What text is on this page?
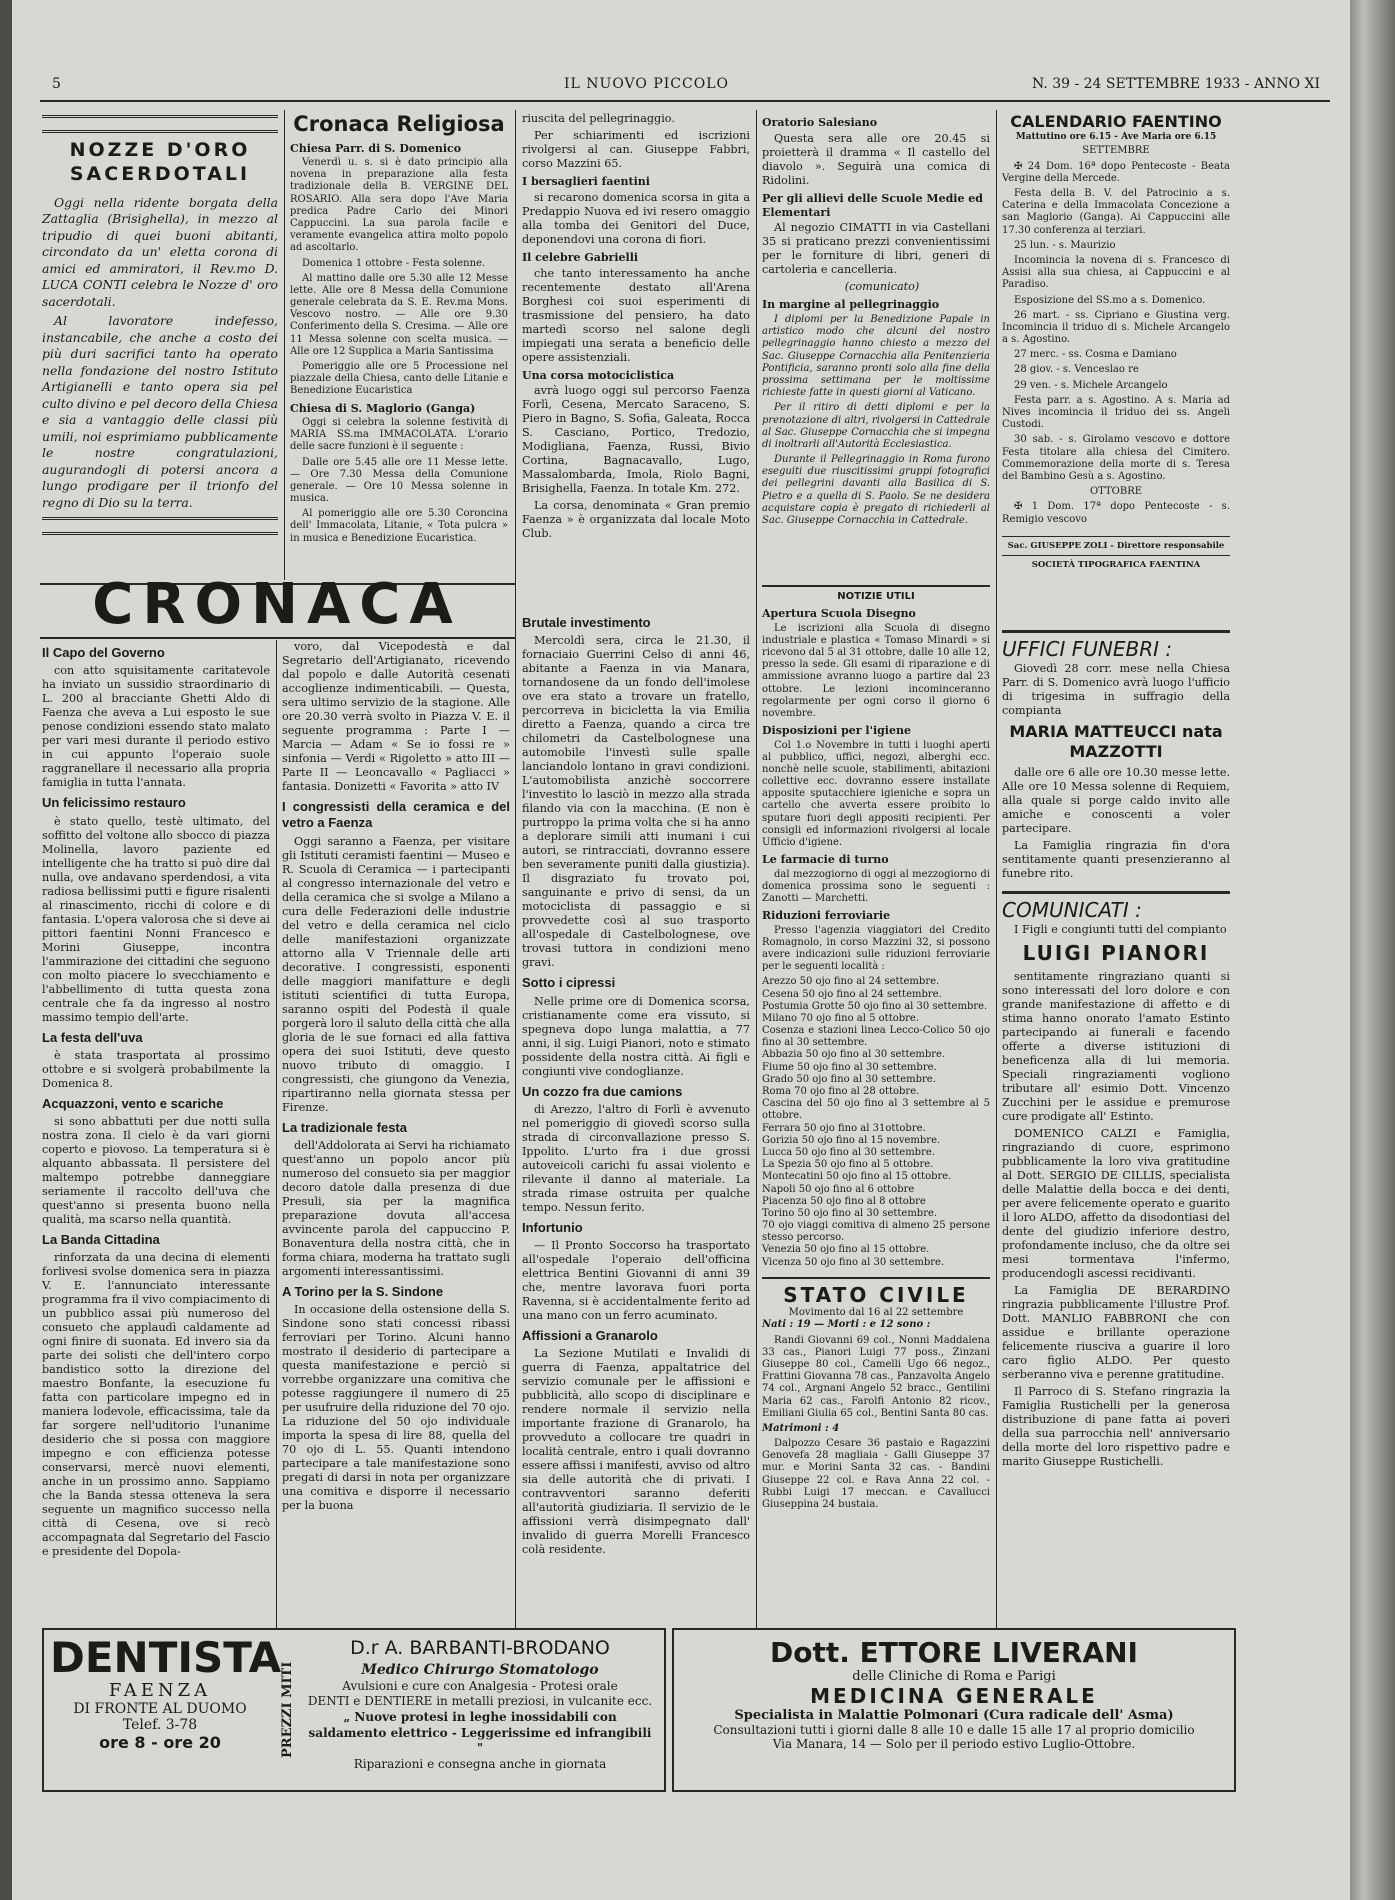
5	IL NUOVO PICCOLO	N. 39 - 24 SETTEMBRE 1933 - ANNO XI
NOZZE D'ORO
SACERDOTALI

Oggi nella ridente borgata della Zattaglia (Brisighella), in mezzo al tripudio di quei buoni abitanti, circondato da un' eletta corona di amici ed ammiratori, il Rev.mo D. LUCA CONTI celebra le Nozze d' oro sacerdotali.

Al lavoratore indefesso, instancabile, che anche a costo dei più duri sacrifici tanto ha operato nella fondazione del nostro Istituto Artigianelli e tanto opera sia pel culto divino e pel decoro della Chiesa e sia a vantaggio delle classi più umili, noi esprimiamo pubblicamente le nostre congratulazioni, augurandogli di potersi ancora a lungo prodigare per il trionfo del regno di Dio su la terra.

Cronaca Religiosa
Chiesa Parr. di S. Domenico

Venerdì u. s. si è dato principio alla novena in preparazione alla festa tradizionale della B. VERGINE DEL ROSARIO. Alla sera dopo l'Ave Maria predica Padre Carlo dei Minori Cappuccini. La sua parola facile e veramente evangelica attira molto popolo ad ascoltarlo.

Domenica 1 ottobre - Festa solenne.

Al mattino dalle ore 5.30 alle 12 Messe lette. Alle ore 8 Messa della Comunione generale celebrata da S. E. Rev.ma Mons. Vescovo nostro. — Alle ore 9.30 Conferimento della S. Cresima. — Alle ore 11 Messa solenne con scelta musica. — Alle ore 12 Supplica a Maria Santissima

Pomeriggio alle ore 5 Processione nel piazzale della Chiesa, canto delle Litanie e Benedizione Eucaristica

Chiesa di S. Maglorio (Ganga)

Oggi si celebra la solenne festività di MARIA SS.ma IMMACOLATA. L'orario delle sacre funzioni è il seguente :

Dalle ore 5.45 alle ore 11 Messe lette. — Ore 7.30 Messa della Comunione generale. — Ore 10 Messa solenne in musica.

Al pomeriggio alle ore 5.30 Coroncina dell' Immacolata, Litanie, « Tota pulcra » in musica e Benedizione Eucaristica.

riuscita del pellegrinaggio.

Per schiarimenti ed iscrizioni rivolgersi al can. Giuseppe Fabbri, corso Mazzini 65.

I bersaglieri faentini

si recarono domenica scorsa in gita a Predappio Nuova ed ivi resero omaggio alla tomba dei Genitori del Duce, deponendovi una corona di fiori.

Il celebre Gabrielli

che tanto interessamento ha anche recentemente destato all'Arena Borghesi coi suoi esperimenti di trasmissione del pensiero, ha dato martedì scorso nel salone degli impiegati una serata a beneficio delle opere assistenziali.

Una corsa motociclistica

avrà luogo oggi sul percorso Faenza Forlì, Cesena, Mercato Saraceno, S. Piero in Bagno, S. Sofia, Galeata, Rocca S. Casciano, Portico, Tredozio, Modigliana, Faenza, Russi, Bivio Cortina, Bagnacavallo, Lugo, Massalombarda, Imola, Riolo Bagni, Brisighella, Faenza. In totale Km. 272.

La corsa, denominata « Gran premio Faenza » è organizzata dal locale Moto Club.

Oratorio Salesiano

Questa sera alle ore 20.45 si proietterà il dramma « Il castello del diavolo ». Seguirà una comica di Ridolini.

Per gli allievi delle Scuole Medie ed Elementari

Al negozio CIMATTI in via Castellani 35 si praticano prezzi convenientissimi per le forniture di libri, generi di cartoleria e cancelleria.

(comunicato)

In margine al pellegrinaggio

I diplomi per la Benedizione Papale in artistico modo che alcuni del nostro pellegrinaggio hanno chiesto a mezzo del Sac. Giuseppe Cornacchia alla Penitenzieria Pontificia, saranno pronti solo alla fine della prossima settimana per le moltissime richieste fatte in questi giorni al Vaticano.

Per il ritiro di detti diplomi e per la prenotazione di altri, rivolgersi in Cattedrale al Sac. Giuseppe Cornacchia che si impegna di inoltrarli all'Autorità Ecclesiastica.

Durante il Pellegrinaggio in Roma furono eseguiti due riuscitissimi gruppi fotografici dei pellegrini davanti alla Basilica di S. Pietro e a quella di S. Paolo. Se ne desidera acquistare copia è pregato di richiederli al Sac. Giuseppe Cornacchia in Cattedrale.

CALENDARIO FAENTINO
Mattutino ore 6.15 - Ave Maria ore 6.15
SETTEMBRE

✠ 24 Dom. 16ª dopo Pentecoste - Beata Vergine della Mercede.

Festa della B. V. del Patrocinio a s. Caterina e della Immacolata Concezione a san Maglorio (Ganga). Ai Cappuccini alle 17.30 conferenza ai terziari.

25 lun. - s. Maurizio

Incomincia la novena di s. Francesco di Assisi alla sua chiesa, ai Cappuccini e al Paradiso.

Esposizione del SS.mo a s. Domenico.

26 mart. - ss. Cipriano e Giustina verg. Incomincia il triduo di s. Michele Arcangelo a s. Agostino.

27 merc. - ss. Cosma e Damiano

28 giov. - s. Venceslao re

29 ven. - s. Michele Arcangelo

Festa parr. a s. Agostino. A s. Maria ad Nives incomincia il triduo dei ss. Angeli Custodi.

30 sab. - s. Girolamo vescovo e dottore Festa titolare alla chiesa del Cimitero. Commemorazione della morte di s. Teresa del Bambino Gesù a s. Agostino.

OTTOBRE

✠ 1 Dom. 17ª dopo Pentecoste - s. Remigio vescovo

Sac. GIUSEPPE ZOLI - Direttore responsabile
SOCIETÀ TIPOGRAFICA FAENTINA
CRONACA
Il Capo del Governo

con atto squisitamente caritatevole ha inviato un sussidio straordinario di L. 200 al bracciante Ghetti Aldo di Faenza che aveva a Lui esposto le sue penose condizioni essendo stato malato per vari mesi durante il periodo estivo in cui appunto l'operaio suole raggranellare il necessario alla propria famiglia in tutta l'annata.

Un felicissimo restauro

è stato quello, testè ultimato, del soffitto del voltone allo sbocco di piazza Molinella, lavoro paziente ed intelligente che ha tratto si può dire dal nulla, ove andavano sperdendosi, a vita radiosa bellissimi putti e figure risalenti al rinascimento, ricchi di colore e di fantasia. L'opera valorosa che si deve ai pittori faentini Nonni Francesco e Morini Giuseppe, incontra l'ammirazione dei cittadini che seguono con molto piacere lo svecchiamento e l'abbellimento di tutta questa zona centrale che fa da ingresso al nostro massimo tempio dell'arte.

La festa dell'uva

è stata trasportata al prossimo ottobre e si svolgerà probabilmente la Domenica 8.

Acquazzoni, vento e scariche

si sono abbattuti per due notti sulla nostra zona. Il cielo è da vari giorni coperto e piovoso. La temperatura si è alquanto abbassata. Il persistere del maltempo potrebbe danneggiare seriamente il raccolto dell'uva che quest'anno si presenta buono nella qualità, ma scarso nella quantità.

La Banda Cittadina

rinforzata da una decina di elementi forlivesi svolse domenica sera in piazza V. E. l'annunciato interessante programma fra il vivo compiacimento di un pubblico assai più numeroso del consueto che applaudì caldamente ad ogni finire di suonata. Ed invero sia da parte dei solisti che dell'intero corpo bandistico sotto la direzione del maestro Bonfante, la esecuzione fu fatta con particolare impegno ed in maniera lodevole, efficacissima, tale da far sorgere nell'uditorio l'unanime desiderio che si possa con maggiore impegno e con efficienza potesse conservarsi, mercè nuovi elementi, anche in un prossimo anno. Sappiamo che la Banda stessa otteneva la sera seguente un magnifico successo nella città di Cesena, ove si recò accompagnata dal Segretario del Fascio e presidente del Dopola-

voro, dal Vicepodestà e dal Segretario dell'Artigianato, ricevendo dal popolo e dalle Autorità cesenati accoglienze indimenticabili. — Questa, sera ultimo servizio de la stagione. Alle ore 20.30 verrà svolto in Piazza V. E. il seguente programma : Parte I — Marcia — Adam « Se io fossi re » sinfonia — Verdi « Rigoletto » atto III — Parte II — Leoncavallo « Pagliacci » fantasia. Donizetti « Favorita » atto IV

I congressisti della ceramica e del vetro a Faenza

Oggi saranno a Faenza, per visitare gli Istituti ceramisti faentini — Museo e R. Scuola di Ceramica — i partecipanti al congresso internazionale del vetro e della ceramica che si svolge a Milano a cura delle Federazioni delle industrie del vetro e della ceramica nel ciclo delle manifestazioni organizzate attorno alla V Triennale delle arti decorative. I congressisti, esponenti delle maggiori manifatture e degli istituti scientifici di tutta Europa, saranno ospiti del Podestà il quale porgerà loro il saluto della città che alla gloria de le sue fornaci ed alla fattiva opera dei suoi Istituti, deve questo nuovo tributo di omaggio. I congressisti, che giungono da Venezia, ripartiranno nella giornata stessa per Firenze.

La tradizionale festa

dell'Addolorata ai Servi ha richiamato quest'anno un popolo ancor più numeroso del consueto sia per maggior decoro datole dalla presenza di due Presuli, sia per la magnifica preparazione dovuta all'accesa avvincente parola del cappuccino P. Bonaventura della nostra città, che in forma chiara, moderna ha trattato sugli argomenti interessantissimi.

A Torino per la S. Sindone

In occasione della ostensione della S. Sindone sono stati concessi ribassi ferroviari per Torino. Alcuni hanno mostrato il desiderio di partecipare a questa manifestazione e perciò si vorrebbe organizzare una comitiva che potesse raggiungere il numero di 25 per usufruire della riduzione del 70 ojo. La riduzione del 50 ojo individuale importa la spesa di lire 88, quella del 70 ojo di L. 55. Quanti intendono partecipare a tale manifestazione sono pregati di darsi in nota per organizzare una comitiva e disporre il necessario per la buona

Brutale investimento

Mercoldì sera, circa le 21.30, il fornaciaio Guerrini Celso di anni 46, abitante a Faenza in via Manara, tornandosene da un fondo dell'imolese ove era stato a trovare un fratello, percorreva in bicicletta la via Emilia diretto a Faenza, quando a circa tre chilometri da Castelbolognese una automobile l'investì sulle spalle lanciandolo lontano in gravi condizioni. L'automobilista anzichè soccorrere l'investito lo lasciò in mezzo alla strada filando via con la macchina. (E non è purtroppo la prima volta che si ha anno a deplorare simili atti inumani i cui autori, se rintracciati, dovranno essere ben severamente puniti dalla giustizia). Il disgraziato fu trovato poi, sanguinante e privo di sensi, da un motociclista di passaggio e si provvedette così al suo trasporto all'ospedale di Castelbolognese, ove trovasi tuttora in condizioni meno gravi.

Sotto i cipressi

Nelle prime ore di Domenica scorsa, cristianamente come era vissuto, si spegneva dopo lunga malattia, a 77 anni, il sig. Luigi Pianori, noto e stimato possidente della nostra città. Ai figli e congiunti vive condoglianze.

Un cozzo fra due camions

di Arezzo, l'altro di Forlì è avvenuto nel pomeriggio di giovedì scorso sulla strada di circonvallazione presso S. Ippolito. L'urto fra i due grossi autoveicoli carichi fu assai violento e rilevante il danno al materiale. La strada rimase ostruita per qualche tempo. Nessun ferito.

Infortunio

— Il Pronto Soccorso ha trasportato all'ospedale l'operaio dell'officina elettrica Bentini Giovanni di anni 39 che, mentre lavorava fuori porta Ravenna, si è accidentalmente ferito ad una mano con un ferro acuminato.

Affissioni a Granarolo

La Sezione Mutilati e Invalidi di guerra di Faenza, appaltatrice del servizio comunale per le affissioni e pubblicità, allo scopo di disciplinare e rendere normale il servizio nella importante frazione di Granarolo, ha provveduto a collocare tre quadri in località centrale, entro i quali dovranno essere affissi i manifesti, avviso od altro sia delle autorità che di privati. I contravventori saranno deferiti all'autorità giudiziaria. Il servizio de le affissioni verrà disimpegnato dall' invalido di guerra Morelli Francesco colà residente.

NOTIZIE UTILI
Apertura Scuola Disegno

Le iscrizioni alla Scuola di disegno industriale e plastica « Tomaso Minardi » si ricevono dal 5 al 31 ottobre, dalle 10 alle 12, presso la sede. Gli esami di riparazione e di ammissione avranno luogo a partire dal 23 ottobre. Le lezioni incominceranno regolarmente per ogni corso il giorno 6 novembre.

Disposizioni per l'igiene

Col 1.o Novembre in tutti i luoghi aperti al pubblico, uffici, negozi, alberghi ecc. nonchè nelle scuole, stabilimenti, abitazioni collettive ecc. dovranno essere installate apposite sputacchiere igieniche e sopra un cartello che avverta essere proibito lo sputare fuori degli appositi recipienti. Per consigli ed informazioni rivolgersi al locale Ufficio d'igiene.

Le farmacie di turno

dal mezzogiorno di oggi al mezzogiorno di domenica prossima sono le seguenti : Zanotti — Marchetti.

Riduzioni ferroviarie

Presso l'agenzia viaggiatori del Credito Romagnolo, in corso Mazzini 32, si possono avere indicazioni sulle riduzioni ferroviarie per le seguenti località :

Arezzo 50 ojo fino al 24 settembre.

Cesena 50 ojo fino al 24 settembre.

Postumia Grotte 50 ojo fino al 30 settembre.

Milano 70 ojo fino al 5 ottobre.

Cosenza e stazioni linea Lecco-Colico 50 ojo fino al 30 settembre.

Abbazia 50 ojo fino al 30 settembre.

Fiume 50 ojo fino al 30 settembre.

Grado 50 ojo fino al 30 settembre.

Roma 70 ojo fino al 28 ottobre.

Cascina del 50 ojo fino al 3 settembre al 5 ottobre.

Ferrara 50 ojo fino al 31ottobre.

Gorizia 50 ojo fino al 15 novembre.

Lucca 50 ojo fino al 30 settembre.

La Spezia 50 ojo fino al 5 ottobre.

Montecatini 50 ojo fino al 15 ottobre.

Napoli 50 ojo fino al 6 ottobre

Piacenza 50 ojo fino al 8 ottobre

Torino 50 ojo fino al 30 settembre.

70 ojo viaggi comitiva di almeno 25 persone stesso percorso.

Venezia 50 ojo fino al 15 ottobre.

Vicenza 50 ojo fino al 30 settembre.

STATO CIVILE
Movimento dal 16 al 22 settembre

Nati : 19 — Morti : e 12 sono :

Randi Giovanni 69 col., Nonni Maddalena 33 cas., Pianori Luigi 77 poss., Zinzani Giuseppe 80 col., Camelli Ugo 66 negoz., Frattini Giovanna 78 cas., Panzavolta Angelo 74 col., Argnani Angelo 52 bracc., Gentilini Maria 62 cas., Farolfi Antonio 82 ricov., Emiliani Giulia 65 col., Bentini Santa 80 cas.

Matrimoni : 4

Dalpozzo Cesare 36 pastaio e Ragazzini Genovefa 28 magliaia - Galli Giuseppe 37 mur. e Morini Santa 32 cas. - Bandini Giuseppe 22 col. e Rava Anna 22 col. - Rubbi Luigi 17 meccan. e Cavallucci Giuseppina 24 bustaia.

UFFICI FUNEBRI :

Giovedì 28 corr. mese nella Chiesa Parr. di S. Domenico avrà luogo l'ufficio di trigesima in suffragio della compianta

MARIA MATTEUCCI nata MAZZOTTI

dalle ore 6 alle ore 10.30 messe lette. Alle ore 10 Messa solenne di Requiem, alla quale si porge caldo invito alle amiche e conoscenti a voler partecipare.

La Famiglia ringrazia fin d'ora sentitamente quanti presenzieranno al funebre rito.

COMUNICATI :

I Figli e congiunti tutti del compianto

LUIGI PIANORI

sentitamente ringraziano quanti si sono interessati del loro dolore e con grande manifestazione di affetto e di stima hanno onorato l'amato Estinto partecipando ai funerali e facendo offerte a diverse istituzioni di beneficenza alla di lui memoria. Speciali ringraziamenti vogliono tributare all' esimio Dott. Vincenzo Zucchini per le assidue e premurose cure prodigate all' Estinto.

DOMENICO CALZI e Famiglia, ringraziando di cuore, esprimono pubblicamente la loro viva gratitudine al Dott. SERGIO DE CILLIS, specialista delle Malattie della bocca e dei denti, per avere felicemente operato e guarito il loro ALDO, affetto da disodontiasi del dente del giudizio inferiore destro, profondamente incluso, che da oltre sei mesi tormentava l'infermo, producendogli ascessi recidivanti.

La Famiglia DE BERARDINO ringrazia pubblicamente l'illustre Prof. Dott. MANLIO FABBRONI che con assidue e brillante operazione felicemente riusciva a guarire il loro caro figlio ALDO. Per questo serberanno viva e perenne gratitudine.

Il Parroco di S. Stefano ringrazia la Famiglia Rustichelli per la generosa distribuzione di pane fatta ai poveri della sua parrocchia nell' anniversario della morte del loro rispettivo padre e marito Giuseppe Rustichelli.

DENTISTA
FAENZA
DI FRONTE AL DUOMO
Telef. 3-78
ore 8 - ore 20	PREZZI MITI
D.r A. BARBANTI-BRODANO
Medico Chirurgo Stomatologo
Avulsioni e cure con Analgesia - Protesi orale
DENTI e DENTIERE in metalli preziosi, in vulcanite ecc.
„ Nuove protesi in leghe inossidabili con saldamento elettrico - Leggerissime ed infrangibili "
Riparazioni e consegna anche in giornata
Dott. ETTORE LIVERANI
delle Cliniche di Roma e Parigi
MEDICINA GENERALE
Specialista in Malattie Polmonari (Cura radicale dell' Asma)
Consultazioni tutti i giorni dalle 8 alle 10 e dalle 15 alle 17 al proprio domicilio
Via Manara, 14 — Solo per il periodo estivo Luglio-Ottobre.
